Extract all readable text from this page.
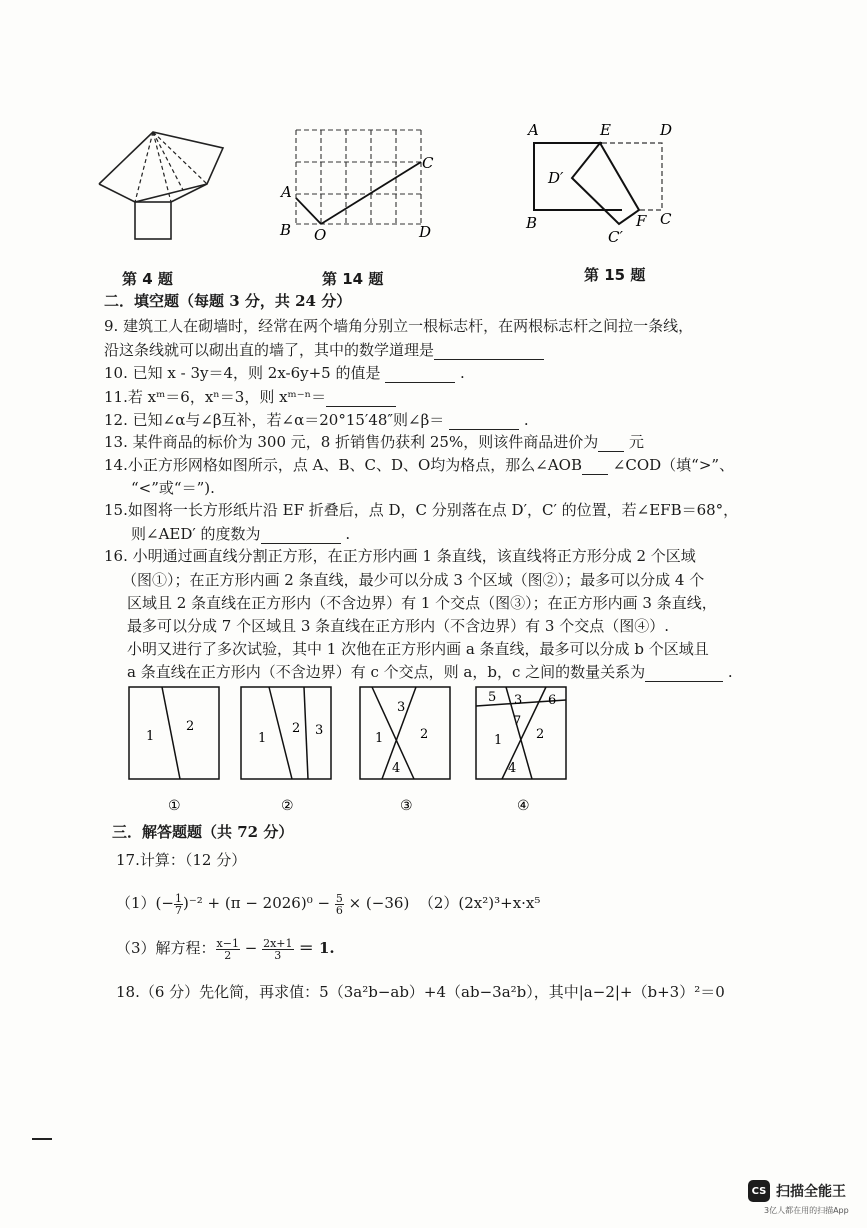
A
B
C
D
O
A	E	D
D′
B	F C
C′
第 4 题	第 14 题	第 15 题
二．填空题（每题 3 分，共 24 分）
9. 建筑工人在砌墙时，经常在两个墙角分别立一根标志杆，在两根标志杆之间拉一条线，
沿这条线就可以砌出直的墙了，其中的数学道理是
10. 已知 x - 3y＝4，则 2x-6y+5 的值是	.
11.若 xᵐ＝6，xⁿ＝3，则 xᵐ⁻ⁿ＝
12. 已知∠α与∠β互补，若∠α＝20°15′48″则∠β＝	.
13. 某件商品的标价为 300 元，8 折销售仍获利 25%，则该件商品进价为 元
14.小正方形网格如图所示，点 A、B、C、D、O均为格点，那么∠AOB ∠COD（填“>”、
“<”或“＝”).
15.如图将一长方形纸片沿 EF 折叠后，点 D，C 分别落在点 D′，C′ 的位置，若∠EFB＝68°，
则∠AED′ 的度数为	.
16. 小明通过画直线分割正方形，在正方形内画 1 条直线，该直线将正方形分成 2 个区域
（图①）；在正方形内画 2 条直线，最少可以分成 3 个区域（图②）；最多可以分成 4 个
区域且 2 条直线在正方形内（不含边界）有 1 个交点（图③）；在正方形内画 3 条直线，
最多可以分成 7 个区域且 3 条直线在正方形内（不含边界）有 3 个交点（图④）.
小明又进行了多次试验，其中 1 次他在正方形内画 a 条直线，最多可以分成 b 个区域且
a 条直线在正方形内（不含边界）有 c 个交点，则 a，b，c 之间的数量关系为	.
1
2
1
2 3
3
1	2
4
5 3 6
7
1	2
4
①	②	③	④
三．解答题题（共 72 分）
17.计算：（12 分）
$(1)(- \frac{1}{7} )^{-2} + (\pi - 2026)^0 - \frac{5}{6} \times (-36)$ （2）(2x²)³+x·x⁵
（3）解方程： $\frac{x-1}{2} - \frac{2x+1}{3} = 1$.
18.（6 分）先化简，再求值：5（3a²b−ab）+4（ab−3a²b），其中|a−2|+（b+3）²＝0
CS 扫描全能王
3亿人都在用的扫描App
